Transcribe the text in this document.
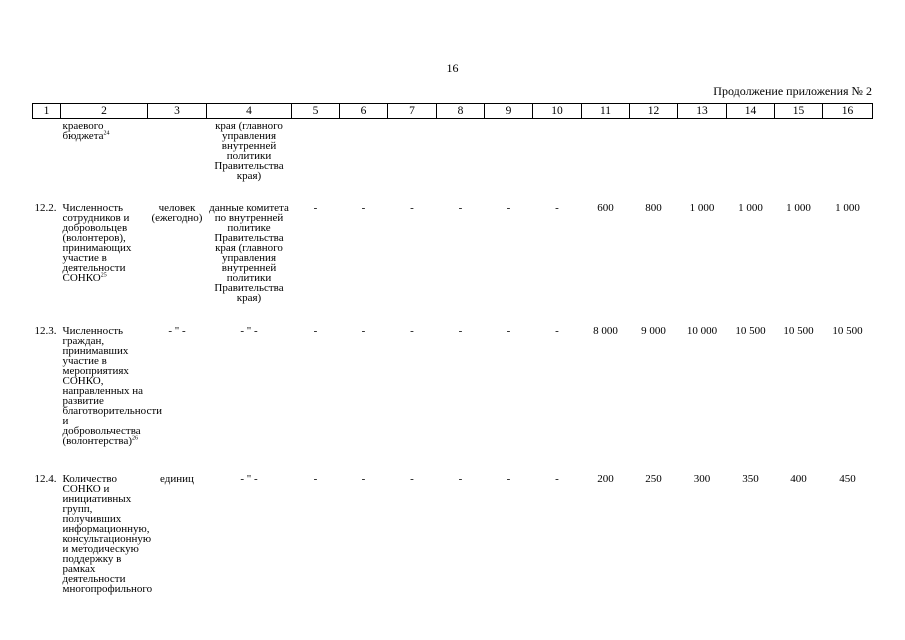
16
Продолжение приложения № 2
1	2	3	4	5	6	7	8	9	10	11	12	13	14	15	16
	краевого бюджета$^{24}$		края (главного управления внутренней политики Правительства края)												
12.2.	Численность сотрудников и добровольцев (волонтеров), принимающих участие в деятельности СОНКО$^{25}$	человек (ежегодно)	данные комитета по внутренней политике Правительства края (главного управления внутренней политики Правительства края)	-	-	-	-	-	-	600	800	1 000	1 000	1 000	1 000
12.3.	Численность граждан, принимавших участие в мероприятиях СОНКО, направленных на развитие благотворительности и добровольчества (волонтерства)$^{26}$	- " -	- " -	-	-	-	-	-	-	8 000	9 000	10 000	10 500	10 500	10 500
12.4.	Количество СОНКО и инициативных групп, получивших информационную, консультационную и методическую поддержку в рамках деятельности многопрофильного	единиц	- " -	-	-	-	-	-	-	200	250	300	350	400	450
